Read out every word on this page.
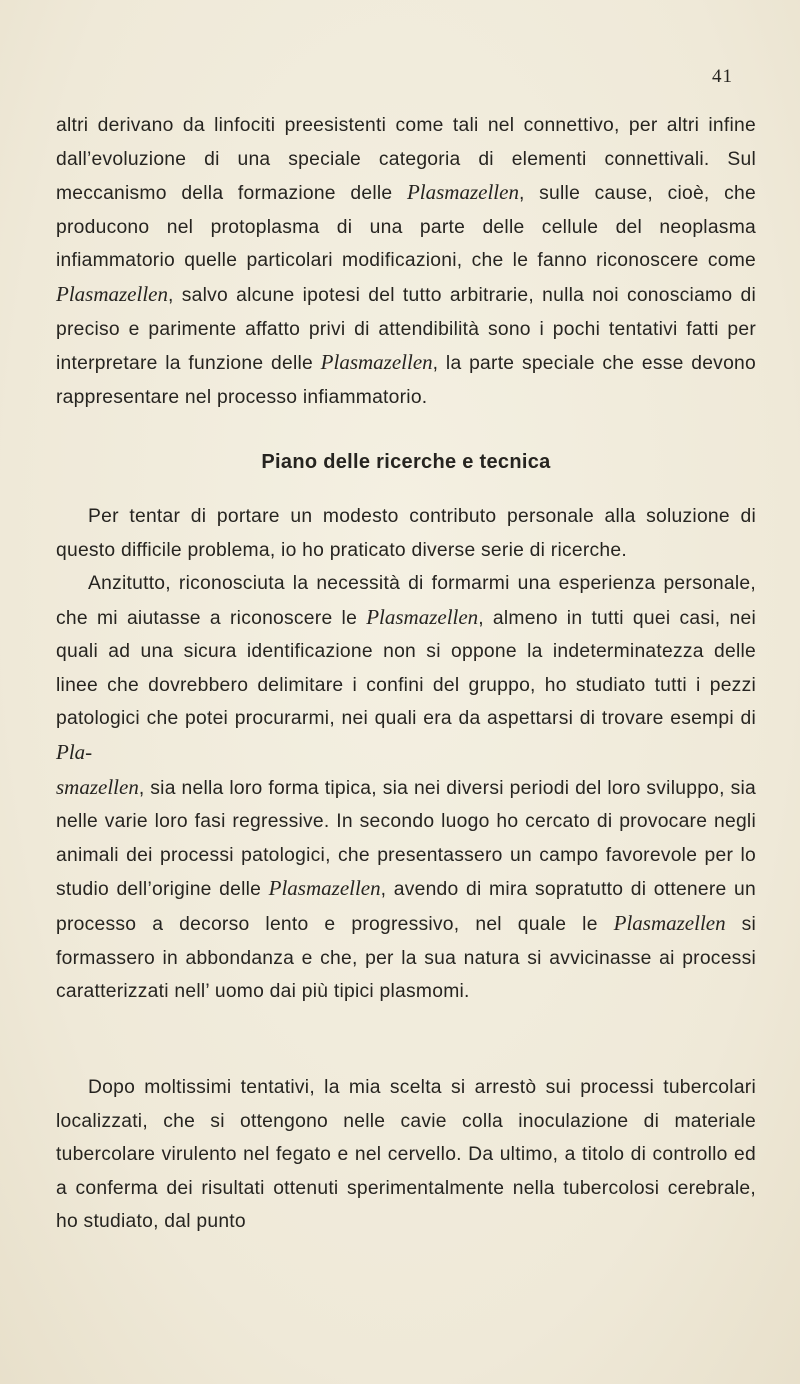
41

altri derivano da linfociti preesistenti come tali nel connettivo, per altri infine dall’evoluzione di una speciale categoria di elementi connettivali. Sul meccanismo della formazione delle Plasmazellen, sulle cause, cioè, che producono nel protoplasma di una parte delle cellule del neoplasma infiammatorio quelle particolari modificazioni, che le fanno riconoscere come Plasmazellen, salvo alcune ipotesi del tutto arbitrarie, nulla noi conosciamo di preciso e parimente affatto privi di attendibilità sono i pochi tentativi fatti per interpretare la funzione delle Plasmazellen, la parte speciale che esse devono rappresentare nel processo infiammatorio.

Piano delle ricerche e tecnica

Per tentar di portare un modesto contributo personale alla soluzione di questo difficile problema, io ho praticato diverse serie di ricerche.

Anzitutto, riconosciuta la necessità di formarmi una esperienza personale, che mi aiutasse a riconoscere le Plasmazellen, almeno in tutti quei casi, nei quali ad una sicura identificazione non si oppone la indeterminatezza delle linee che dovrebbero delimitare i confini del gruppo, ho studiato tutti i pezzi patologici che potei procurarmi, nei quali era da aspettarsi di trovare esempi di Pla-
smazellen, sia nella loro forma tipica, sia nei diversi periodi del loro sviluppo, sia nelle varie loro fasi regressive. In secondo luogo ho cercato di provocare negli animali dei processi patologici, che presentassero un campo favorevole per lo studio dell’origine delle Plasmazellen, avendo di mira sopratutto di ottenere un processo a decorso lento e progressivo, nel quale le Plasmazellen si formassero in abbondanza e che, per la sua natura si avvicinasse ai processi caratterizzati nell’ uomo dai più tipici plasmomi.

Dopo moltissimi tentativi, la mia scelta si arrestò sui processi tubercolari localizzati, che si ottengono nelle cavie colla inoculazione di materiale tubercolare virulento nel fegato e nel cervello. Da ultimo, a titolo di controllo ed a conferma dei risultati ottenuti sperimentalmente nella tubercolosi cerebrale, ho studiato, dal punto
